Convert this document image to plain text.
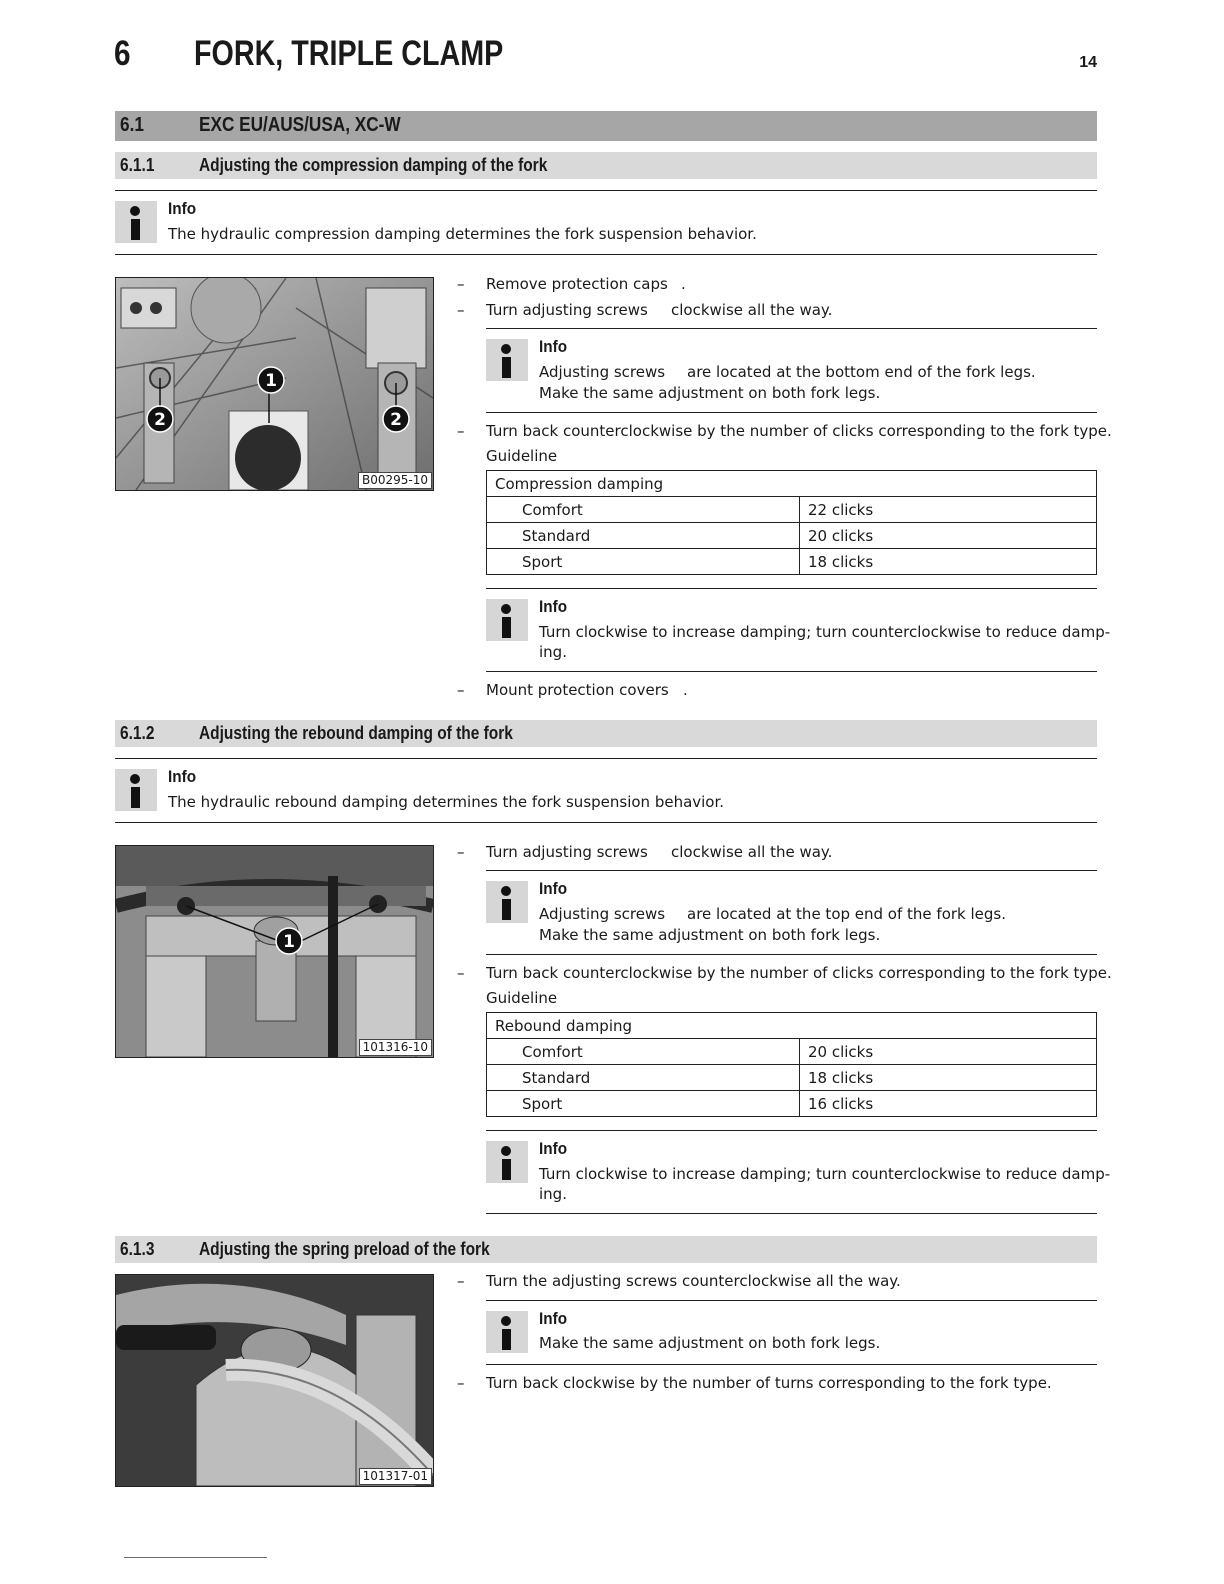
6 FORK, TRIPLE CLAMP	14
6.1	EXC EU/AUS/USA, XC-W
6.1.1 Adjusting the compression damping of the fork
Info
The hydraulic compression damping determines the fork suspension behavior.
1
2	2
B00295-10
– Remove protection caps .
– Turn adjusting screws clockwise all the way.
Info
Adjusting screws are located at the bottom end of the fork legs.
Make the same adjustment on both fork legs.
– Turn back counterclockwise by the number of clicks corresponding to the fork type.
Guideline
Compression damping	
Comfort	22 clicks
Standard	20 clicks
Sport	18 clicks
Info
Turn clockwise to increase damping; turn counterclockwise to reduce damp-
ing.
– Mount protection covers .
6.1.2 Adjusting the rebound damping of the fork
Info
The hydraulic rebound damping determines the fork suspension behavior.
1
101316-10
– Turn adjusting screws clockwise all the way.
Info
Adjusting screws are located at the top end of the fork legs.
Make the same adjustment on both fork legs.
– Turn back counterclockwise by the number of clicks corresponding to the fork type.
Guideline
Rebound damping	
Comfort	20 clicks
Standard	18 clicks
Sport	16 clicks
Info
Turn clockwise to increase damping; turn counterclockwise to reduce damp-
ing.
6.1.3 Adjusting the spring preload of the fork
101317-01
– Turn the adjusting screws counterclockwise all the way.
Info
Make the same adjustment on both fork legs.
– Turn back clockwise by the number of turns corresponding to the fork type.
